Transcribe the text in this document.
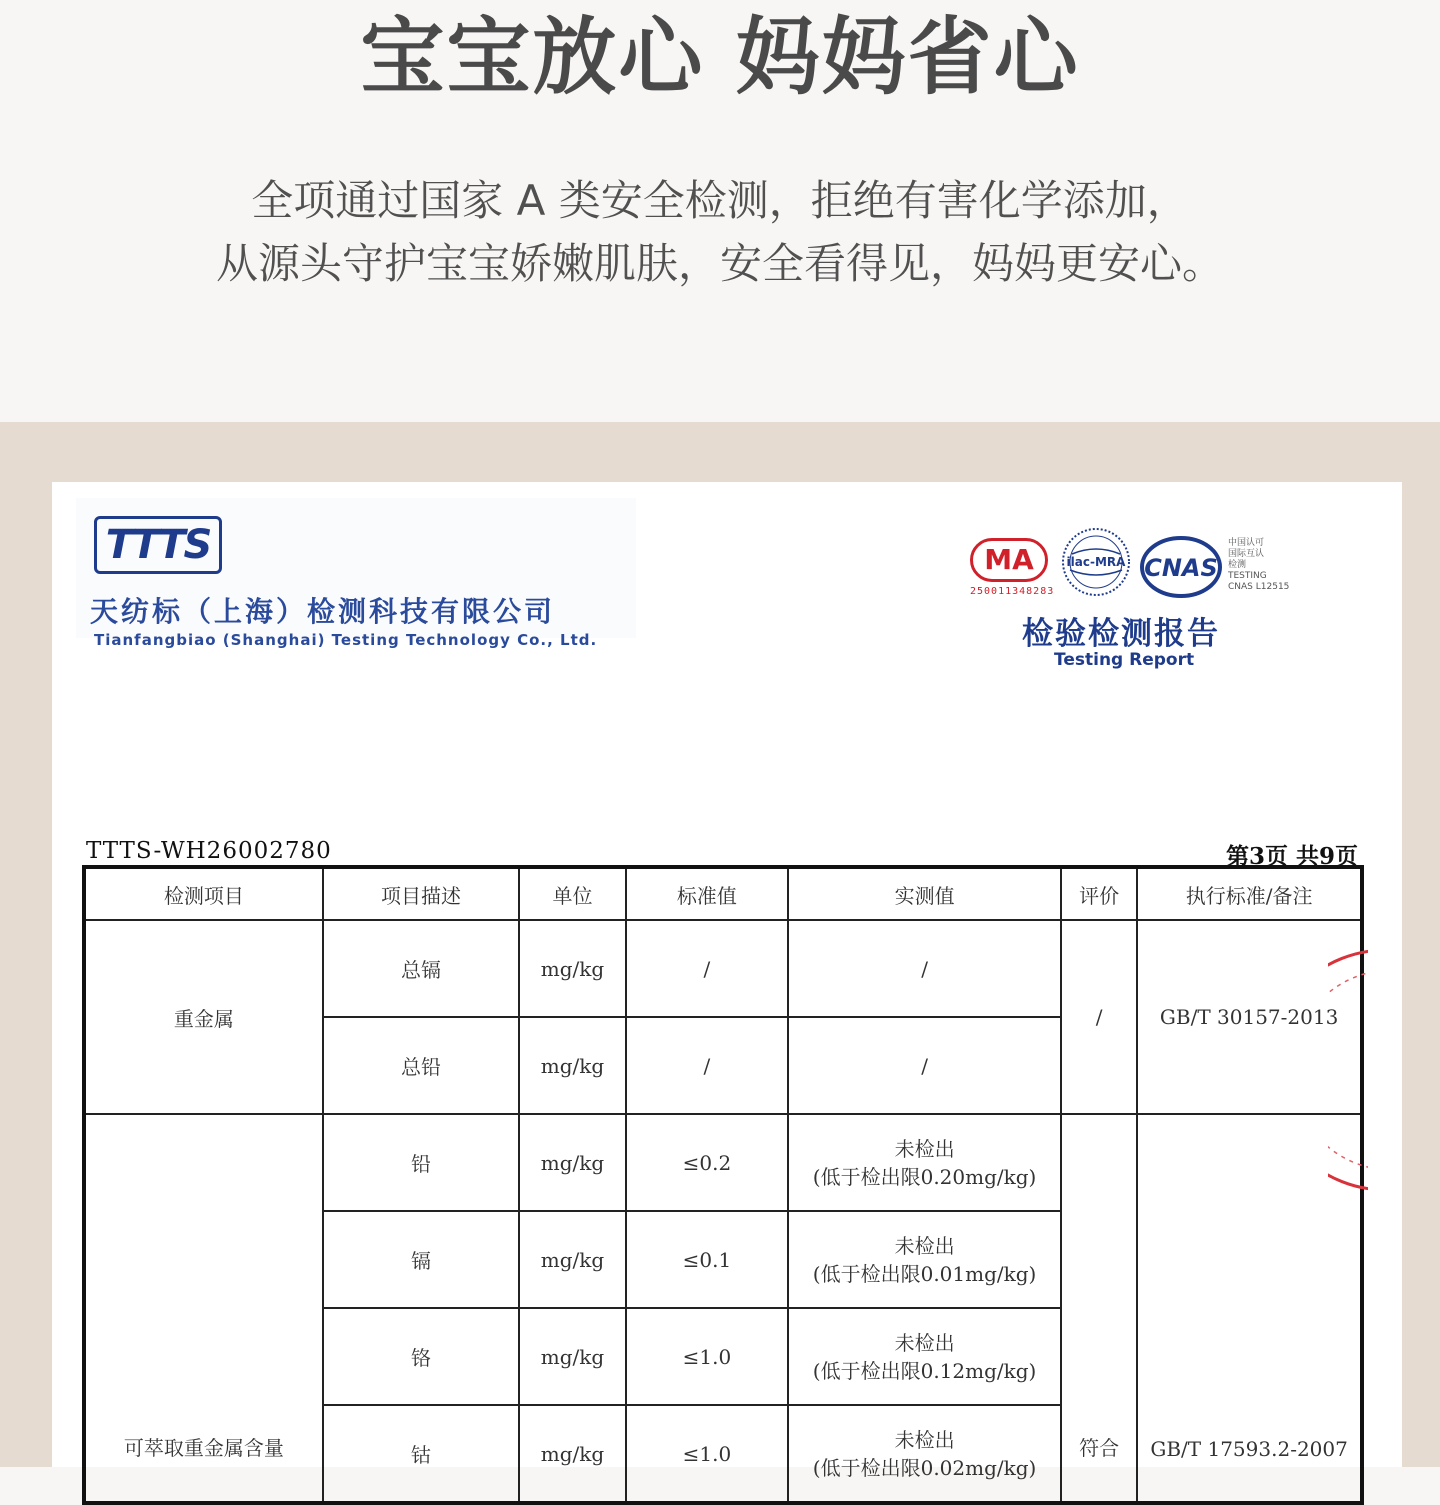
宝宝放心 妈妈省心
全项通过国家 A 类安全检测，拒绝有害化学添加，
从源头守护宝宝娇嫩肌肤，安全看得见，妈妈更安心。
TTTS
天纺标（上海）检测科技有限公司
Tianfangbiao (Shanghai) Testing Technology Co., Ltd.
MA
250011348283
ilac-MRA CNAS
中国认可
国际互认
检测
TESTING
CNAS L12515
检验检测报告
Testing Report
TTTS-WH26002780	第3页 共9页
检测项目	项目描述	单位	标准值	实测值	评价	执行标准/备注
重金属	总镉	mg/kg	/	/	/	GB/T 30157-2013
	总铅	mg/kg	/	/		
可萃取重金属含量	铅	mg/kg	≤0.2	未检出
(低于检出限0.20mg/kg)	符合	GB/T 17593.2-2007
	镉	mg/kg	≤0.1	未检出
(低于检出限0.01mg/kg)		

	铬	mg/kg	≤1.0	未检出
(低于检出限0.12mg/kg)		

	钴	mg/kg	≤1.0	未检出
(低于检出限0.02mg/kg)		
